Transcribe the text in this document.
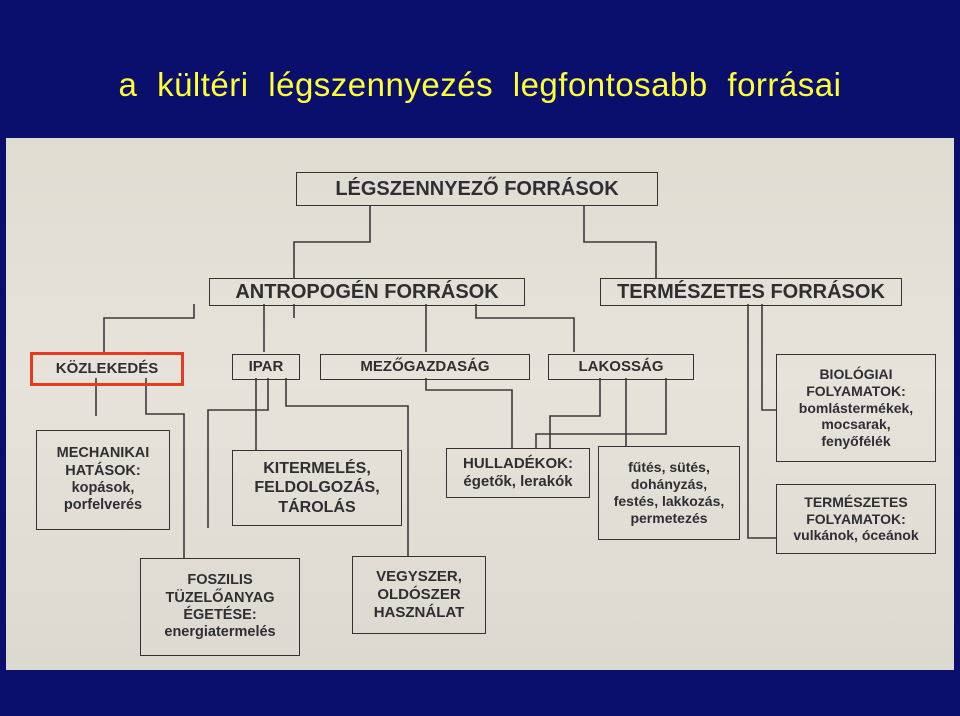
a kültéri légszennyezés legfontosabb forrásai
LÉGSZENNYEZŐ FORRÁSOK
ANTROPOGÉN FORRÁSOK	TERMÉSZETES FORRÁSOK
KÖZLEKEDÉS	IPAR	MEZŐGAZDASÁG	LAKOSSÁG
MECHANIKAI
HATÁSOK:
kopások,
porfelverés
KITERMELÉS,
FELDOLGOZÁS,
TÁROLÁS
HULLADÉKOK:
égetők, lerakók
fűtés, sütés,
dohányzás,
festés, lakkozás,
permetezés
BIOLÓGIAI
FOLYAMATOK:
bomlástermékek,
mocsarak,
fenyőfélék
TERMÉSZETES
FOLYAMATOK:
vulkánok, óceánok
FOSZILIS
TÜZELŐANYAG
ÉGETÉSE:
energiatermelés
VEGYSZER,
OLDÓSZER
HASZNÁLAT
